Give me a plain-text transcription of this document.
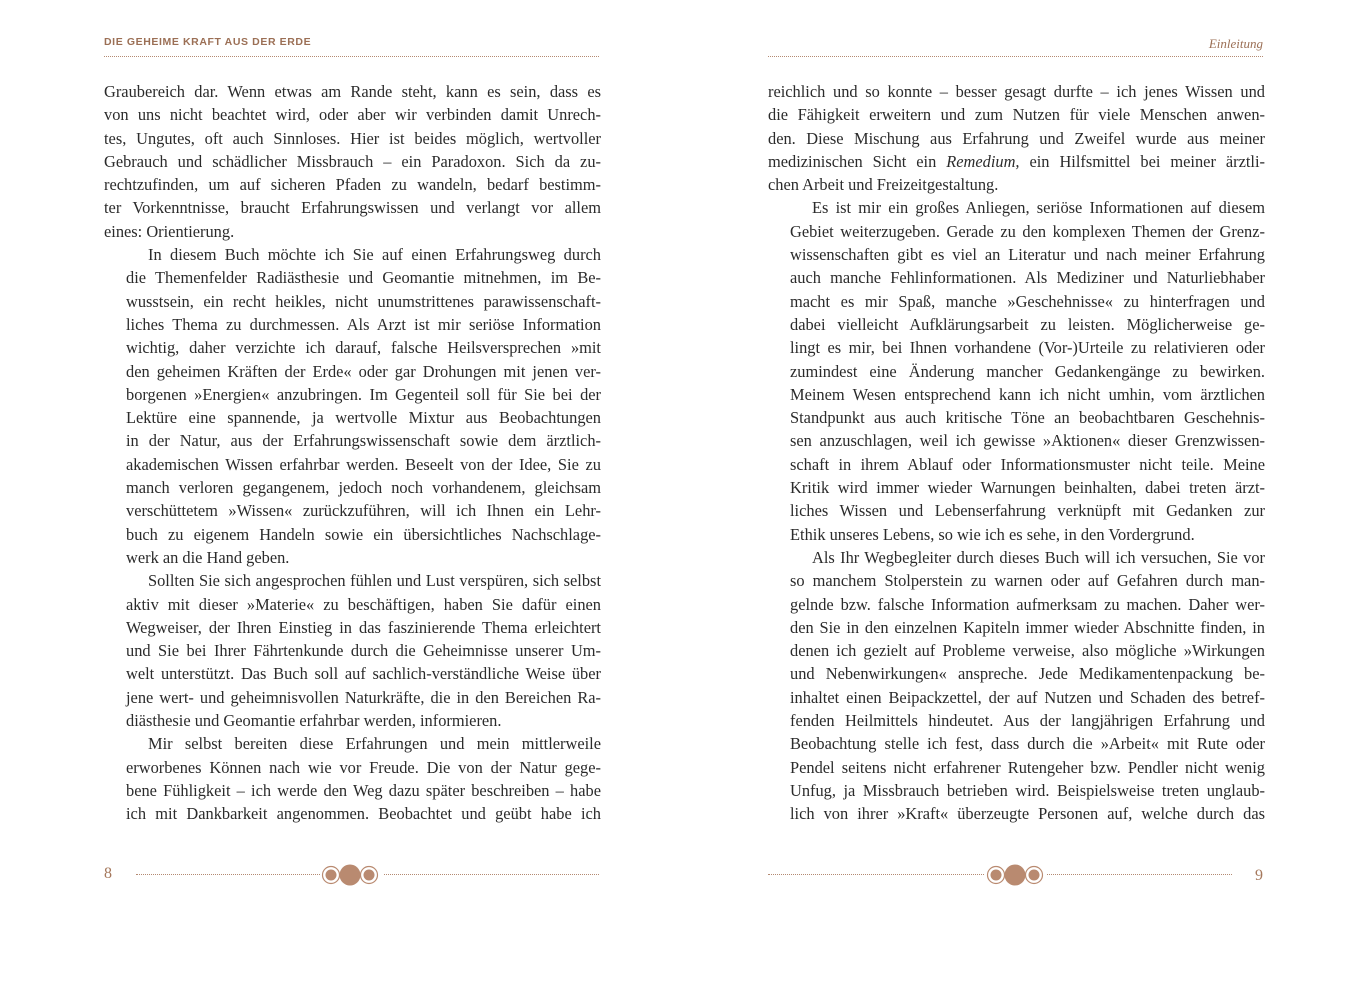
DIE GEHEIME KRAFT AUS DER ERDE

Graubereich dar. Wenn etwas am Rande steht, kann es sein, dass es
von uns nicht beachtet wird, oder aber wir verbinden damit Unrech-
tes, Ungutes, oft auch Sinnloses. Hier ist beides möglich, wertvoller
Gebrauch und schädlicher Missbrauch – ein Paradoxon. Sich da zu-
rechtzufinden, um auf sicheren Pfaden zu wandeln, bedarf bestimm-
ter Vorkenntnisse, braucht Erfahrungswissen und verlangt vor allem
eines: Orientierung.

In diesem Buch möchte ich Sie auf einen Erfahrungsweg durch
die Themenfelder Radiästhesie und Geomantie mitnehmen, im Be-
wusstsein, ein recht heikles, nicht unumstrittenes parawissenschaft-
liches Thema zu durchmessen. Als Arzt ist mir seriöse Information
wichtig, daher verzichte ich darauf, falsche Heilsversprechen »mit
den geheimen Kräften der Erde« oder gar Drohungen mit jenen ver-
borgenen »Energien« anzubringen. Im Gegenteil soll für Sie bei der
Lektüre eine spannende, ja wertvolle Mixtur aus Beobachtungen
in der Natur, aus der Erfahrungswissenschaft sowie dem ärztlich-
akademischen Wissen erfahrbar werden. Beseelt von der Idee, Sie zu
manch verloren gegangenem, jedoch noch vorhandenem, gleichsam
verschüttetem »Wissen« zurückzuführen, will ich Ihnen ein Lehr-
buch zu eigenem Handeln sowie ein übersichtliches Nachschlage-
werk an die Hand geben.

Sollten Sie sich angesprochen fühlen und Lust verspüren, sich selbst
aktiv mit dieser »Materie« zu beschäftigen, haben Sie dafür einen
Wegweiser, der Ihren Einstieg in das faszinierende Thema erleichtert
und Sie bei Ihrer Fährtenkunde durch die Geheimnisse unserer Um-
welt unterstützt. Das Buch soll auf sachlich-verständliche Weise über
jene wert- und geheimnisvollen Naturkräfte, die in den Bereichen Ra-
diästhesie und Geomantie erfahrbar werden, informieren.

Mir selbst bereiten diese Erfahrungen und mein mittlerweile
erworbenes Können nach wie vor Freude. Die von der Natur gege-
bene Fühligkeit – ich werde den Weg dazu später beschreiben – habe
ich mit Dankbarkeit angenommen. Beobachtet und geübt habe ich

8
Einleitung

reichlich und so konnte – besser gesagt durfte – ich jenes Wissen und
die Fähigkeit erweitern und zum Nutzen für viele Menschen anwen-
den. Diese Mischung aus Erfahrung und Zweifel wurde aus meiner
medizinischen Sicht ein Remedium, ein Hilfsmittel bei meiner ärztli-
chen Arbeit und Freizeitgestaltung.

Es ist mir ein großes Anliegen, seriöse Informationen auf diesem
Gebiet weiterzugeben. Gerade zu den komplexen Themen der Grenz-
wissenschaften gibt es viel an Literatur und nach meiner Erfahrung
auch manche Fehlinformationen. Als Mediziner und Naturliebhaber
macht es mir Spaß, manche »Geschehnisse« zu hinterfragen und
dabei vielleicht Aufklärungsarbeit zu leisten. Möglicherweise ge-
lingt es mir, bei Ihnen vorhandene (Vor-)Urteile zu relativieren oder
zumindest eine Änderung mancher Gedankengänge zu bewirken.
Meinem Wesen entsprechend kann ich nicht umhin, vom ärztlichen
Standpunkt aus auch kritische Töne an beobachtbaren Geschehnis-
sen anzuschlagen, weil ich gewisse »Aktionen« dieser Grenzwissen-
schaft in ihrem Ablauf oder Informationsmuster nicht teile. Meine
Kritik wird immer wieder Warnungen beinhalten, dabei treten ärzt-
liches Wissen und Lebenserfahrung verknüpft mit Gedanken zur
Ethik unseres Lebens, so wie ich es sehe, in den Vordergrund.

Als Ihr Wegbegleiter durch dieses Buch will ich versuchen, Sie vor
so manchem Stolperstein zu warnen oder auf Gefahren durch man-
gelnde bzw. falsche Information aufmerksam zu machen. Daher wer-
den Sie in den einzelnen Kapiteln immer wieder Abschnitte finden, in
denen ich gezielt auf Probleme verweise, also mögliche »Wirkungen
und Nebenwirkungen« anspreche. Jede Medikamentenpackung be-
inhaltet einen Beipackzettel, der auf Nutzen und Schaden des betref-
fenden Heilmittels hindeutet. Aus der langjährigen Erfahrung und
Beobachtung stelle ich fest, dass durch die »Arbeit« mit Rute oder
Pendel seitens nicht erfahrener Rutengeher bzw. Pendler nicht wenig
Unfug, ja Missbrauch betrieben wird. Beispielsweise treten unglaub-
lich von ihrer »Kraft« überzeugte Personen auf, welche durch das

9
